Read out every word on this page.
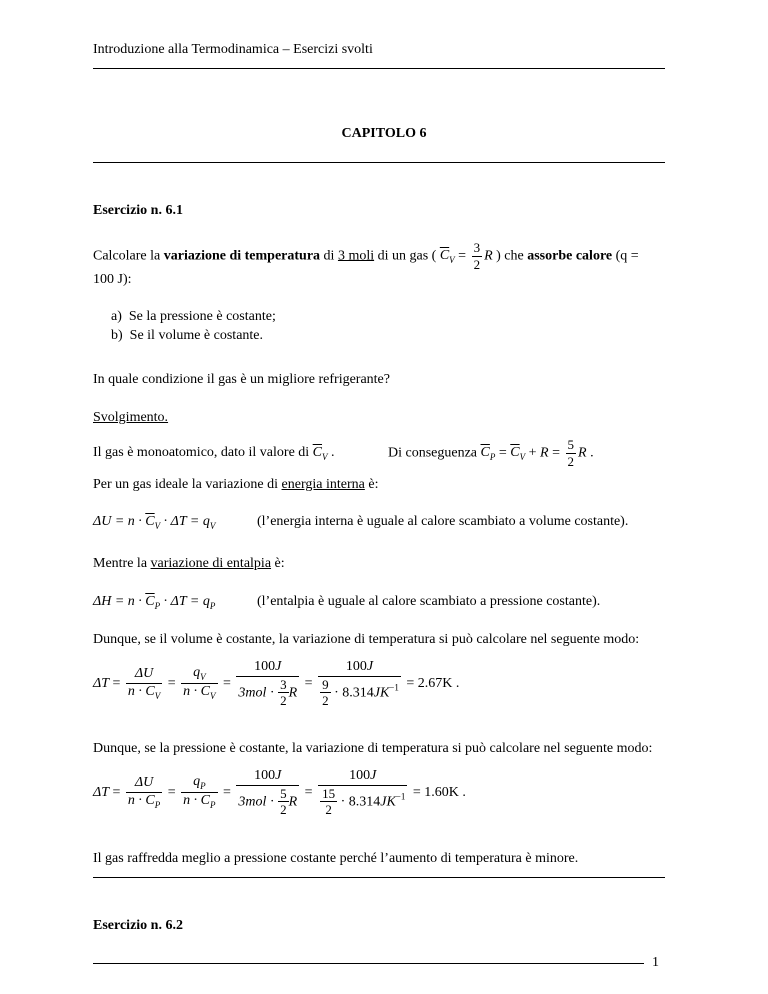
Introduzione alla Termodinamica – Esercizi svolti
CAPITOLO 6
Esercizio n. 6.1
Calcolare la variazione di temperatura di 3 moli di un gas ( $\overline{C}_V = \frac{3}{2}$ R ) che assorbe calore (q =
100 J):
a)  Se la pressione è costante;
b)  Se il volume è costante.
In quale condizione il gas è un migliore refrigerante?
Svolgimento.
Il gas è monoatomico, dato il valore di $\overline{C}_V$ .	Di conseguenza $\overline{C}_P = \overline{C}_V + R = \frac{5}{2}$ R .
Per un gas ideale la variazione di energia interna è:
$\Delta U = n \cdot \overline{C}_V \cdot \Delta T = q_V$	(l’energia interna è uguale al calore scambiato a volume costante).
Mentre la variazione di entalpia è:
$\Delta H = n \cdot \overline{C}_P \cdot \Delta T = q_P$	(l’entalpia è uguale al calore scambiato a pressione costante).
Dunque, se il volume è costante, la variazione di temperatura si può calcolare nel seguente modo:
$\Delta T = \frac{\Delta U}{n \cdot \overline{C}_V} = \frac{q_V}{n \cdot \overline{C}_V} = \frac{100J}{3mol \cdot \frac{3}{2} R} = \frac{100J}{\frac{9}{2} \cdot 8.314JK^{-1}} = 2.67K$ .
Dunque, se la pressione è costante, la variazione di temperatura si può calcolare nel seguente modo:
$\Delta T = \frac{\Delta U}{n \cdot \overline{C}_P} = \frac{q_P}{n \cdot \overline{C}_P} = \frac{100J}{3mol \cdot \frac{5}{2} R} = \frac{100J}{\frac{15}{2} \cdot 8.314JK^{-1}} = 1.60K$ .
Il gas raffredda meglio a pressione costante perché l’aumento di temperatura è minore.
Esercizio n. 6.2
1
